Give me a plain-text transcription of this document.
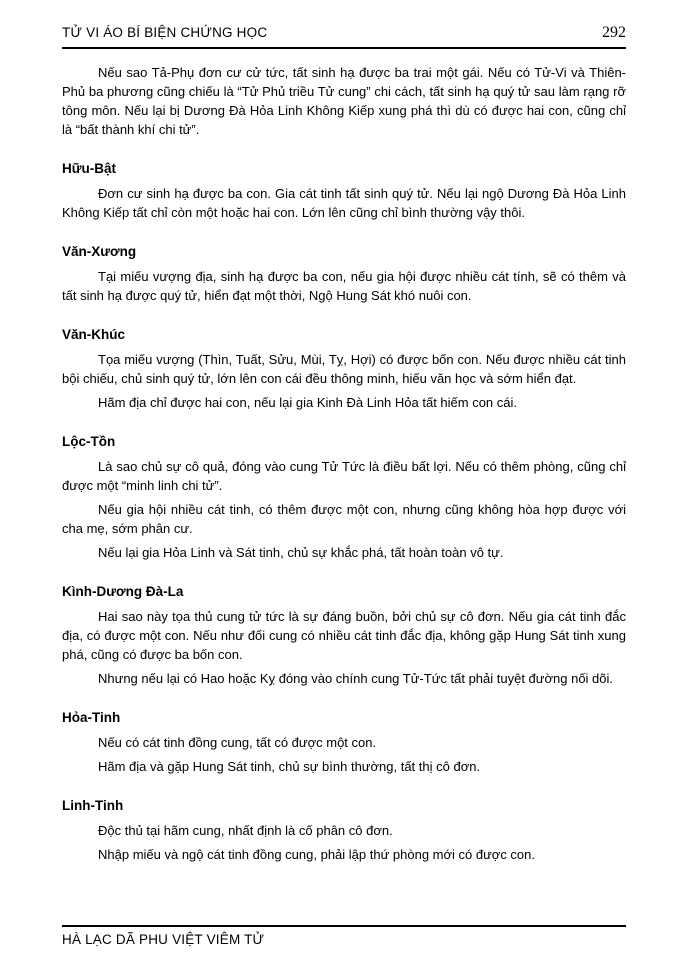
TỬ VI ÁO BÍ BIỆN CHỨNG HỌC	292

Nếu sao Tả-Phụ đơn cư cử tức, tất sinh hạ được ba trai một gái. Nếu có Tử-Vi và Thiên-Phủ ba phương cũng chiếu là “Tử Phủ triều Tử cung” chi cách, tất sinh hạ quý tử sau làm rạng rỡ tông môn. Nếu lại bị Dương Đà Hỏa Linh Không Kiếp xung phá thì dù có được hai con, cũng chỉ là “bất thành khí chi tử”.

Hữu-Bật

Đơn cư sinh hạ được ba con. Gia cát tinh tất sinh quý tử. Nếu lại ngộ Dương Đà Hỏa Linh Không Kiếp tất chỉ còn một hoặc hai con. Lớn lên cũng chỉ bình thường vậy thôi.

Văn-Xương

Tại miếu vượng địa, sinh hạ được ba con, nếu gia hội được nhiều cát tính, sẽ có thêm và tất sinh hạ được quý tử, hiển đạt một thời, Ngộ Hung Sát khó nuôi con.

Văn-Khúc

Tọa miếu vượng (Thìn, Tuất, Sửu, Mùi, Tỵ, Hợi) có được bốn con. Nếu được nhiều cát tinh bội chiếu, chủ sinh quý tử, lớn lên con cái đều thông minh, hiếu văn học và sớm hiển đạt.

Hãm địa chỉ được hai con, nếu lại gia Kinh Đà Linh Hỏa tất hiếm con cái.

Lộc-Tồn

Là sao chủ sự cô quả, đóng vào cung Tử Tức là điều bất lợi. Nếu có thêm phòng, cũng chỉ được một “minh linh chi tử”.

Nếu gia hội nhiều cát tinh, có thêm được một con, nhưng cũng không hòa hợp được với cha mẹ, sớm phân cư.

Nếu lại gia Hỏa Linh và Sát tinh, chủ sự khắc phá, tất hoàn toàn vô tự.

Kình-Dương Đà-La

Hai sao này tọa thủ cung tử tức là sự đáng buồn, bởi chủ sự cô đơn. Nếu gia cát tinh đắc địa, có được một con. Nếu như đối cung có nhiều cát tinh đắc địa, không gặp Hung Sát tinh xung phá, cũng có được ba bốn con.

Nhưng nếu lại có Hao hoặc Kỵ đóng vào chính cung Tử-Tức tất phải tuyệt đường nối dõi.

Hỏa-Tinh

Nếu có cát tinh đồng cung, tất có được một con.

Hãm địa và gặp Hung Sát tinh, chủ sự bình thường, tất thị cô đơn.

Linh-Tinh

Độc thủ tại hãm cung, nhất định là cố phân cô đơn.

Nhập miếu và ngộ cát tinh đồng cung, phải lập thứ phòng mới có được con.

HÀ LẠC DÃ PHU VIỆT VIÊM TỬ
